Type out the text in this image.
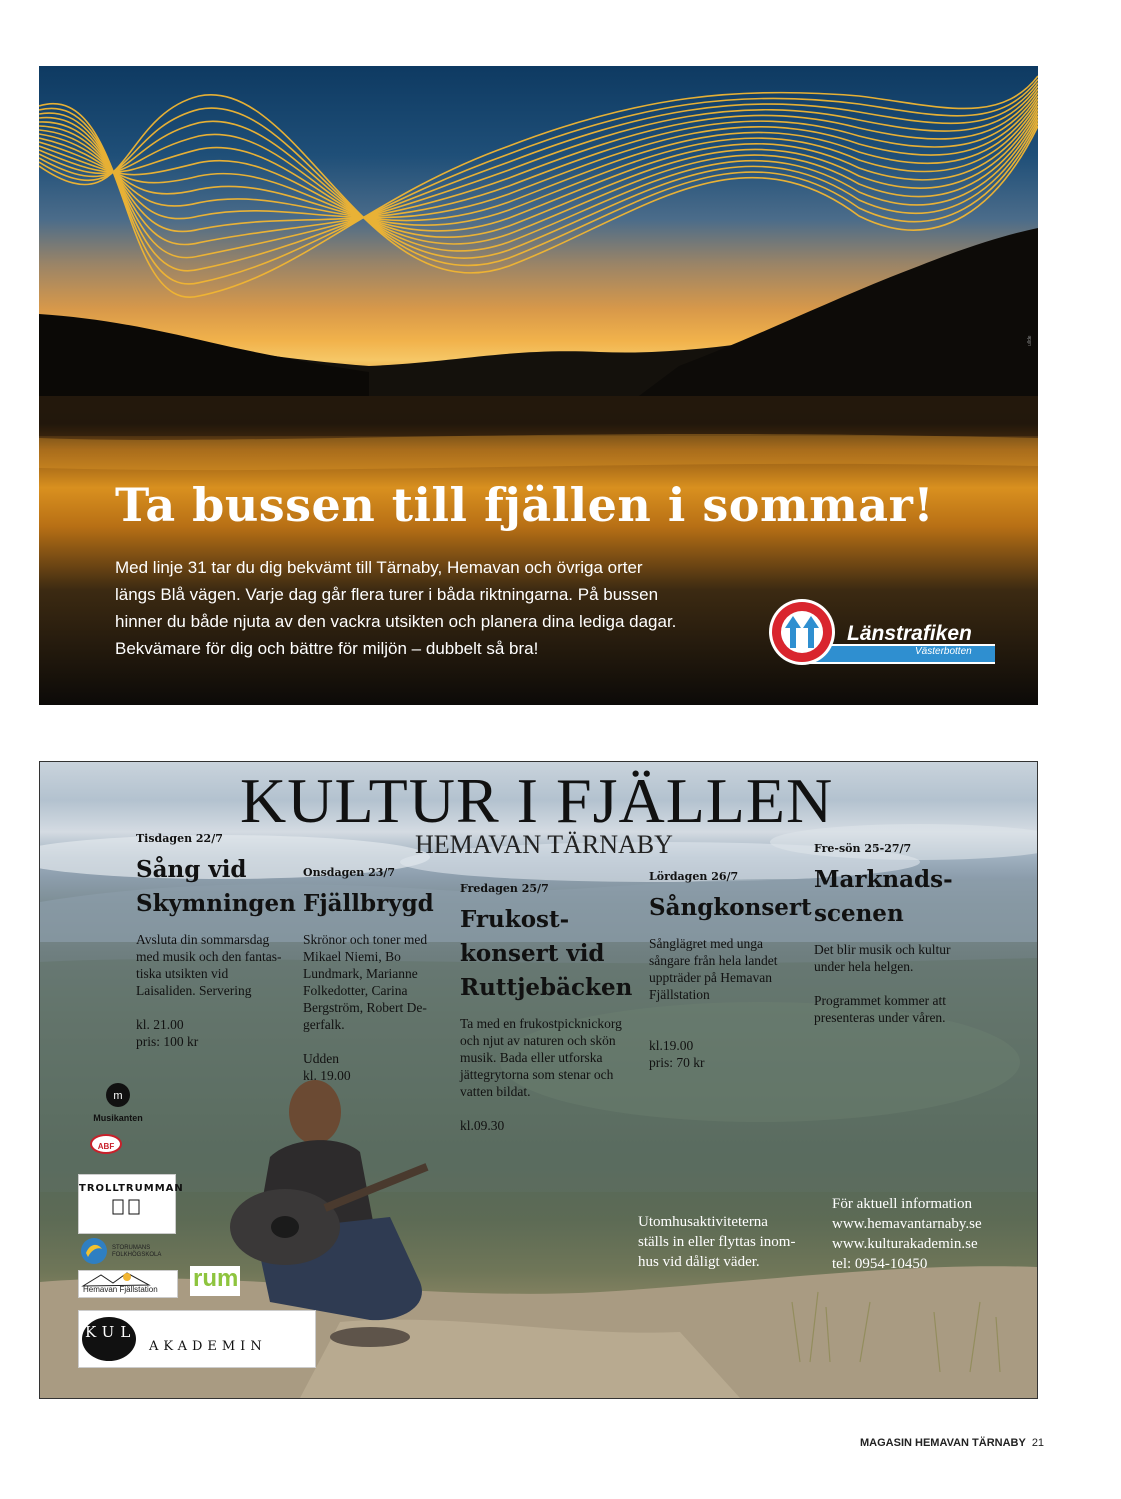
Ta bussen till fjällen i sommar!
Med linje 31 tar du dig bekvämt till Tärnaby, Hemavan och övriga orter
längs Blå vägen. Varje dag går flera turer i båda riktningarna. På bussen
hinner du både njuta av den vackra utsikten och planera dina lediga dagar.
Bekvämare för dig och bättre för miljön – dubbelt så bra!
ullde
Länstrafiken
Västerbotten
KULTUR I FJÄLLEN
HEMAVAN TÄRNABY
Tisdagen 22/7
Sång vid
Skymningen
Avsluta din sommarsdag
med musik och den fantas-
tiska utsikten vid
Laisaliden. Servering
kl. 21.00
pris: 100 kr
Onsdagen 23/7
Fjällbrygd
Skrönor och toner med
Mikael Niemi, Bo
Lundmark, Marianne
Folkedotter, Carina
Bergström, Robert De-
gerfalk.
Udden
kl. 19.00
Fredagen 25/7
Frukost-
konsert vid
Ruttjebäcken
Ta med en frukostpicknickorg
och njut av naturen och skön
musik. Bada eller utforska
jättegrytorna som stenar och
vatten bildat.
kl.09.30
Lördagen 26/7
Sångkonsert
Sånglägret med unga
sångare från hela landet
uppträder på Hemavan
Fjällstation
kl.19.00
pris: 70 kr
Fre-sön 25-27/7
Marknads-
scenen
Det blir musik och kultur
under hela helgen.
Programmet kommer att
presenteras under våren.
Utomhusaktiviteterna
ställs in eller flyttas inom-
hus vid dåligt väder.
För aktuell information
www.hemavantarnaby.se
www.kulturakademin.se
tel: 0954-10450
m
Musikanten
ABF
TROLLTRUMMAN
STORUMANS FOLKHÖGSKOLA
Hemavan Fjällstation rum
KUL TUR
AKADEMIN
MAGASIN HEMAVAN TÄRNABY 21
